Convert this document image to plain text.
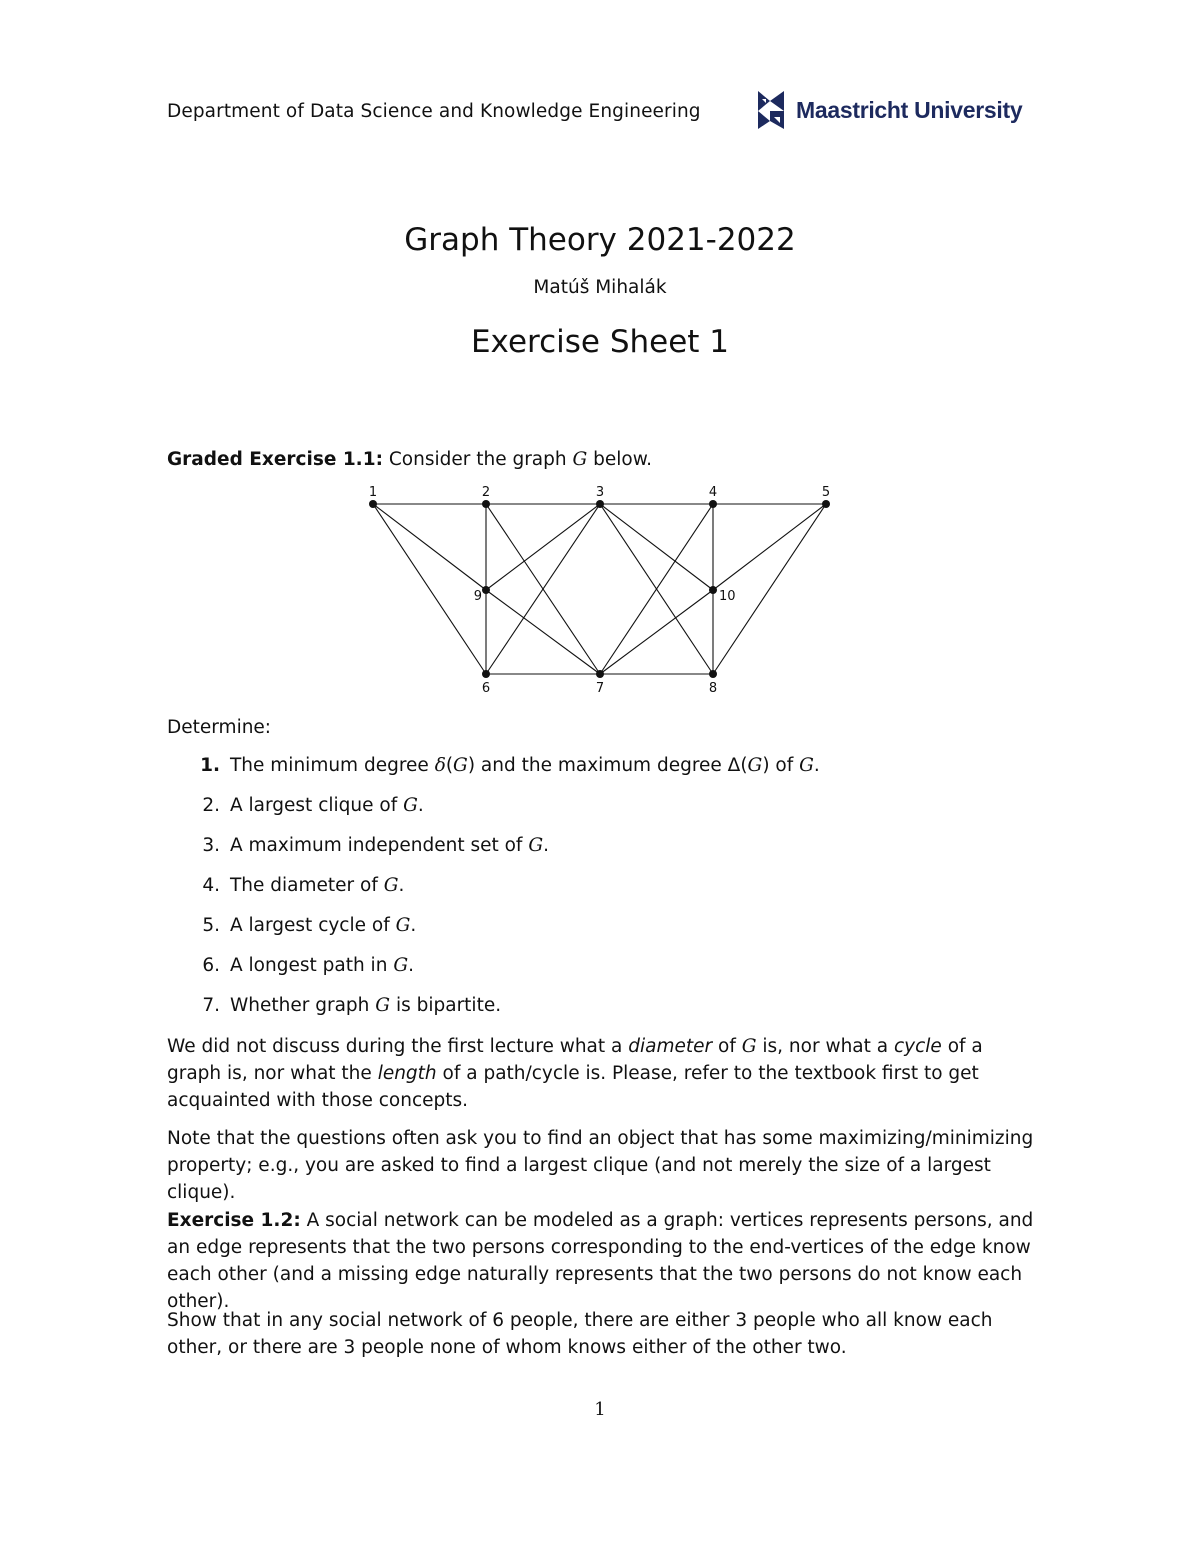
Department of Data Science and Knowledge Engineering	Maastricht University
Graph Theory 2021-2022
Matúš Mihalák
Exercise Sheet 1
Graded Exercise 1.1: Consider the graph G below.
1	2	3	4	5
9	10
6	7	8
Determine:
1. The minimum degree δ(G) and the maximum degree Δ(G) of G.
2. A largest clique of G.
3. A maximum independent set of G.
4. The diameter of G.
5. A largest cycle of G.
6. A longest path in G.
7. Whether graph G is bipartite.
We did not discuss during the first lecture what a diameter of G is, nor what a cycle of a graph is, nor what the length of a path/cycle is. Please, refer to the textbook first to get acquainted with those concepts.
Note that the questions often ask you to find an object that has some maximizing/minimizing property; e.g., you are asked to find a largest clique (and not merely the size of a largest clique).
Exercise 1.2: A social network can be modeled as a graph: vertices represents persons, and an edge represents that the two persons corresponding to the end-vertices of the edge know each other (and a missing edge naturally represents that the two persons do not know each other).
Show that in any social network of 6 people, there are either 3 people who all know each other, or there are 3 people none of whom knows either of the other two.
1
